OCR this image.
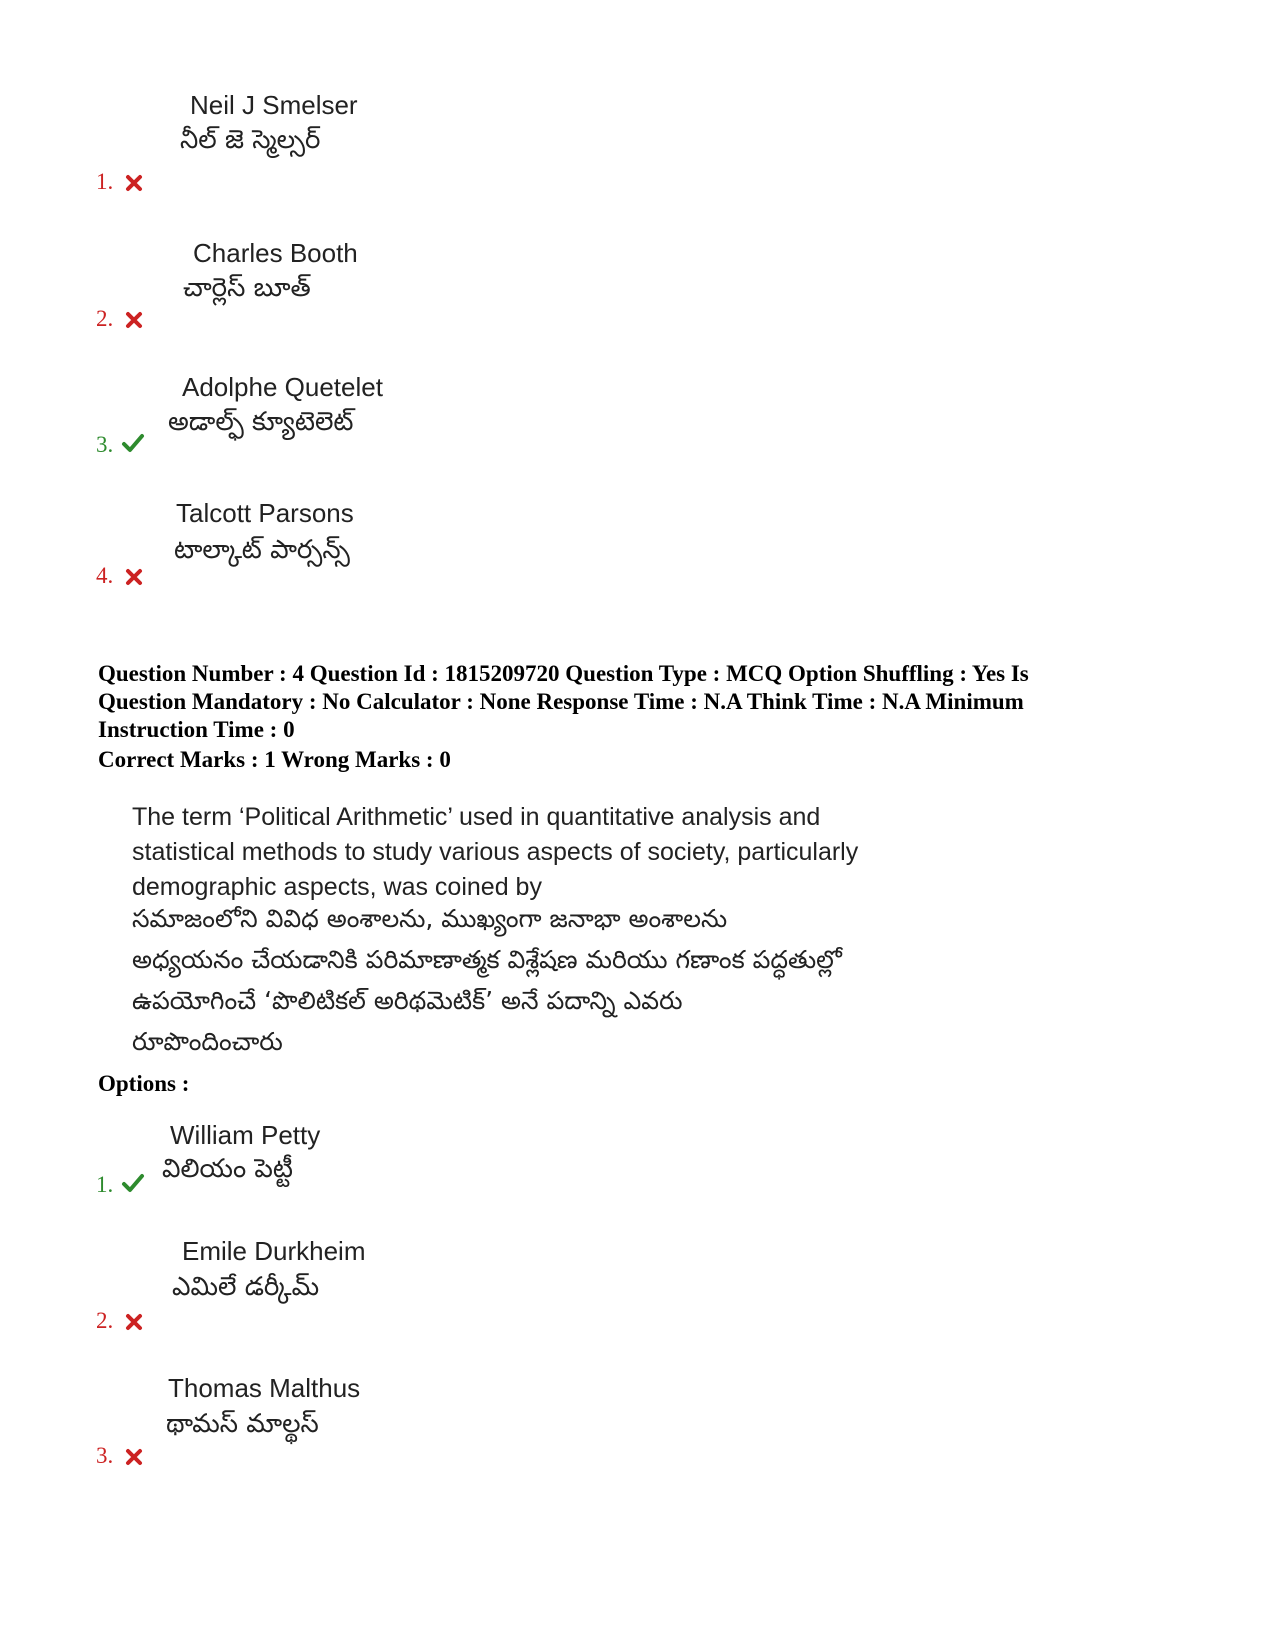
Neil J Smelser
నీల్ జె స్మెల్సర్
1.
Charles Booth
చార్లెస్ బూత్
2.
Adolphe Quetelet
అడాల్ఫ్ క్యూటెలెట్
3.
Talcott Parsons
టాల్కాట్ పార్సన్స్
4.
Question Number : 4 Question Id : 1815209720 Question Type : MCQ Option Shuffling : Yes Is
Question Mandatory : No Calculator : None Response Time : N.A Think Time : N.A Minimum
Instruction Time : 0
Correct Marks : 1 Wrong Marks : 0
The term ‘Political Arithmetic’ used in quantitative analysis and
statistical methods to study various aspects of society, particularly
demographic aspects, was coined by
సమాజంలోని వివిధ అంశాలను, ముఖ్యంగా జనాభా అంశాలను
అధ్యయనం చేయడానికి పరిమాణాత్మక విశ్లేషణ మరియు గణాంక పద్ధతుల్లో
ఉపయోగించే ‘పొలిటికల్ అరిథమెటిక్’ అనే పదాన్ని ఎవరు
రూపొందించారు
Options :
William Petty
విలియం పెట్టీ
1.
Emile Durkheim
ఎమిలే డర్కీమ్
2.
Thomas Malthus
థామస్ మాల్థస్
3.
